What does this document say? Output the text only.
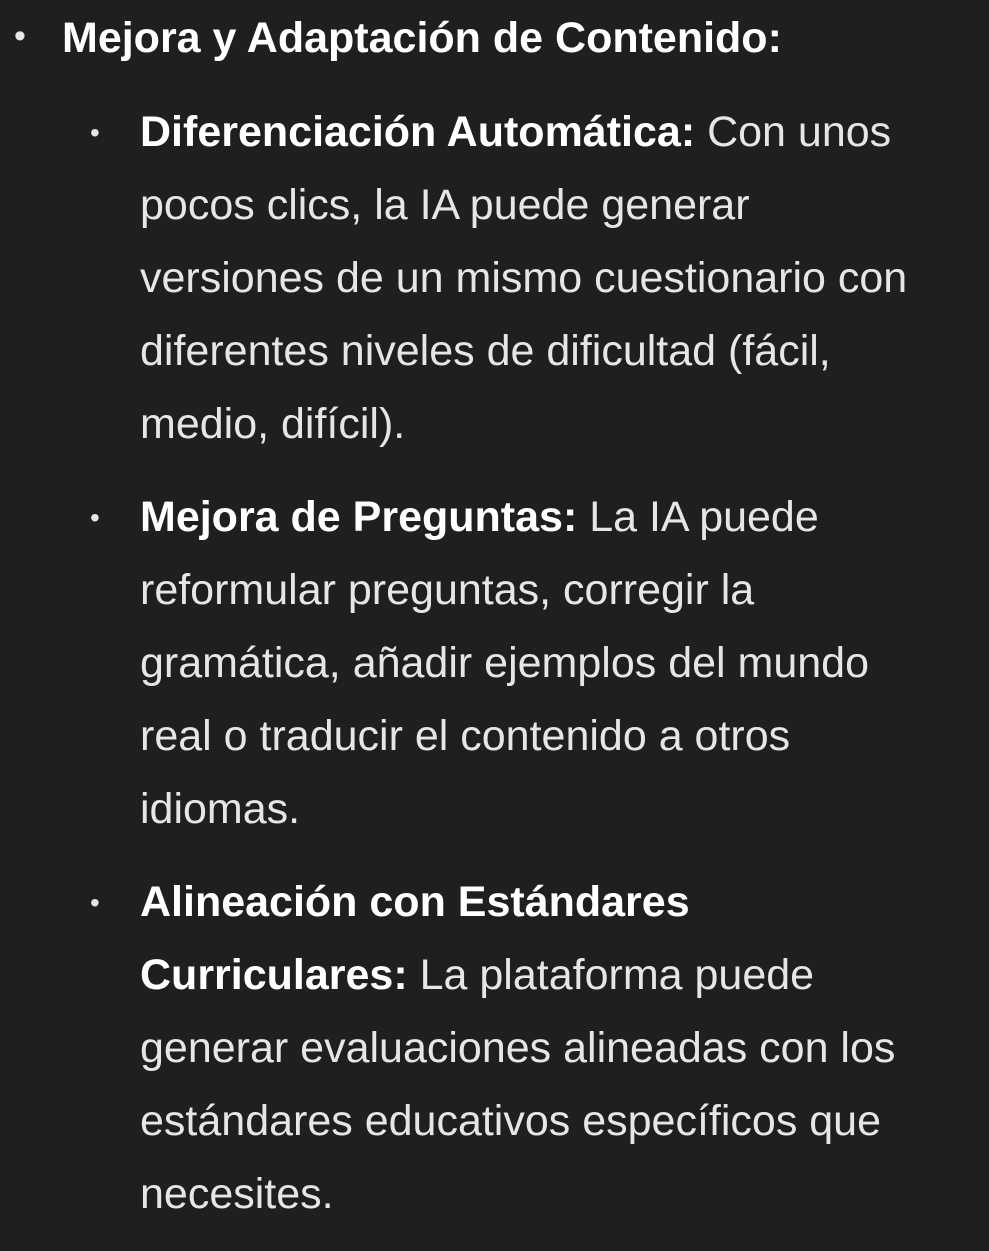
• Mejora y Adaptación de Contenido:
• Diferenciación Automática: Con unos pocos clics, la IA puede generar versiones de un mismo cuestionario con diferentes niveles de dificultad (fácil, medio, difícil).
• Mejora de Preguntas: La IA puede reformular preguntas, corregir la gramática, añadir ejemplos del mundo real o traducir el contenido a otros idiomas.
• Alineación con Estándares Curriculares: La plataforma puede generar evaluaciones alineadas con los estándares educativos específicos que necesites.
